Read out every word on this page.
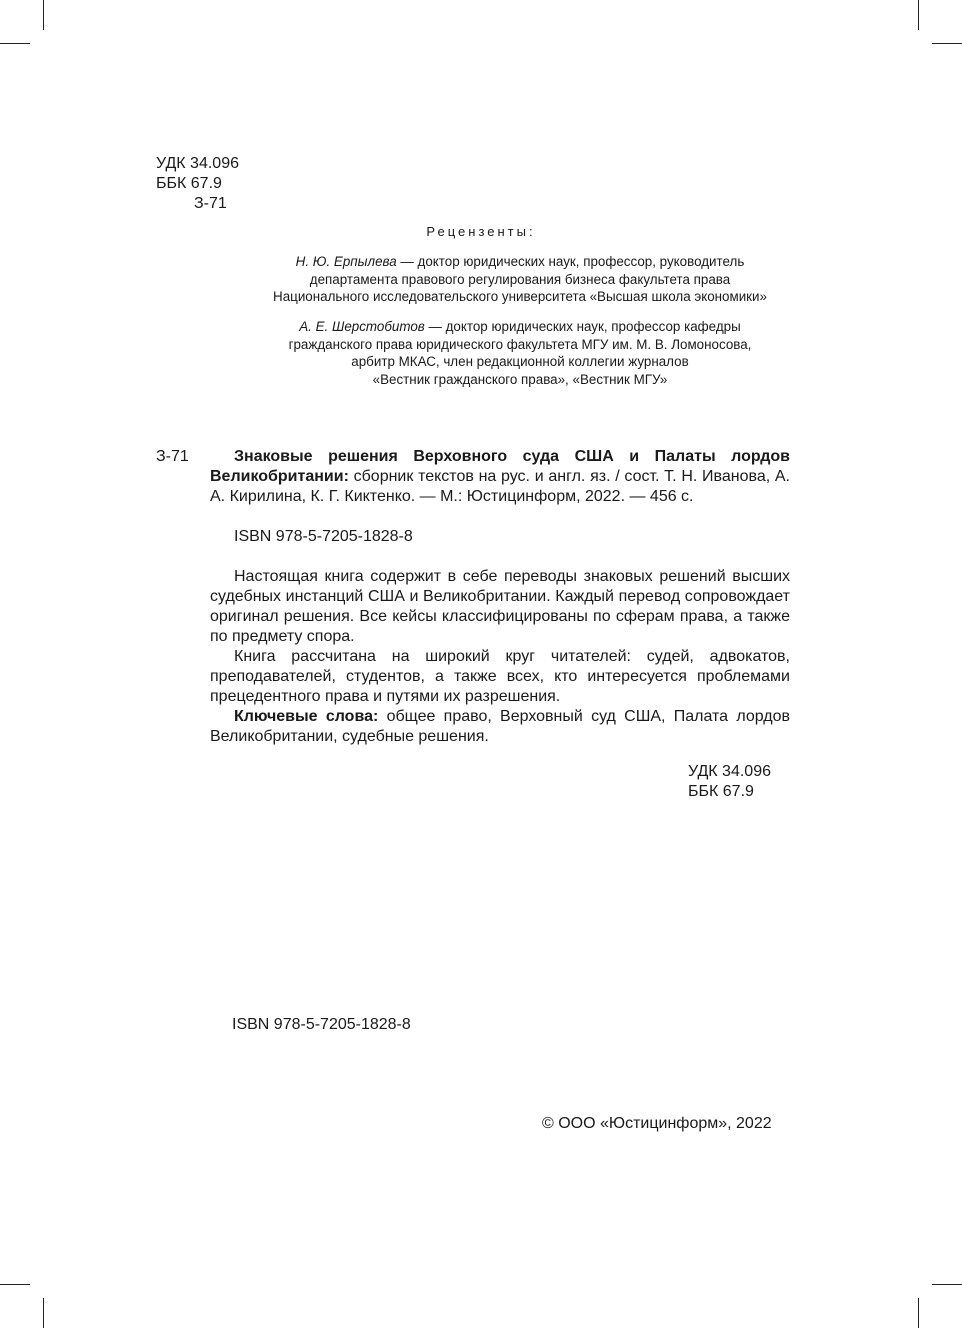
УДК 34.096
ББК 67.9
З-71
Рецензенты:
Н. Ю. Ерпылева — доктор юридических наук, профессор, руководитель
департамента правового регулирования бизнеса факультета права
Национального исследовательского университета «Высшая школа экономики»
А. Е. Шерстобитов — доктор юридических наук, профессор кафедры
гражданского права юридического факультета МГУ им. М. В. Ломоносова,
арбитр МКАС, член редакционной коллегии журналов
«Вестник гражданского права», «Вестник МГУ»
З-71	Знаковые решения Верховного суда США и Палаты лордов Великобритании: сборник текстов на рус. и англ. яз. / сост. Т. Н. Иванова, А. А. Кирилина, К. Г. Киктенко. — М.: Юстицинформ, 2022. — 456 с.

ISBN 978-5-7205-1828-8

Настоящая книга содержит в себе переводы знаковых решений высших судебных инстанций США и Великобритании. Каждый перевод сопровождает оригинал решения. Все кейсы классифицированы по сферам права, а также по предмету спора.

Книга рассчитана на широкий круг читателей: судей, адвокатов, преподавателей, студентов, а также всех, кто интересуется проблемами прецедентного права и путями их разрешения.

Ключевые слова: общее право, Верховный суд США, Палата лордов Великобритании, судебные решения.

УДК 34.096
ББК 67.9
ISBN 978-5-7205-1828-8
© ООО «Юстицинформ», 2022
